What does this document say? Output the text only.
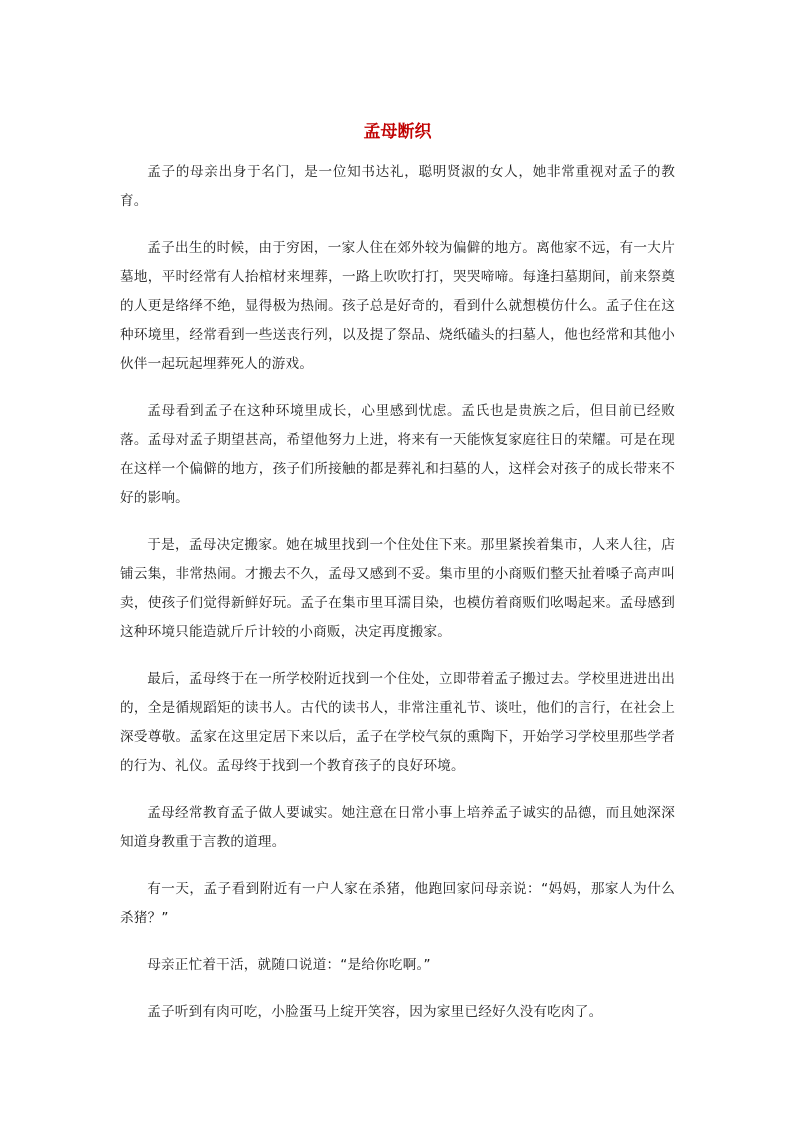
孟母断织

孟子的母亲出身于名门，是一位知书达礼，聪明贤淑的女人，她非常重视对孟子的教育。

孟子出生的时候，由于穷困，一家人住在郊外较为偏僻的地方。离他家不远，有一大片墓地，平时经常有人抬棺材来埋葬，一路上吹吹打打，哭哭啼啼。每逢扫墓期间，前来祭奠的人更是络绎不绝，显得极为热闹。孩子总是好奇的，看到什么就想模仿什么。孟子住在这种环境里，经常看到一些送丧行列，以及提了祭品、烧纸磕头的扫墓人，他也经常和其他小伙伴一起玩起埋葬死人的游戏。

孟母看到孟子在这种环境里成长，心里感到忧虑。孟氏也是贵族之后，但目前已经败落。孟母对孟子期望甚高，希望他努力上进，将来有一天能恢复家庭往日的荣耀。可是在现在这样一个偏僻的地方，孩子们所接触的都是葬礼和扫墓的人，这样会对孩子的成长带来不好的影响。

于是，孟母决定搬家。她在城里找到一个住处住下来。那里紧挨着集市，人来人往，店铺云集，非常热闹。才搬去不久，孟母又感到不妥。集市里的小商贩们整天扯着嗓子高声叫卖，使孩子们觉得新鲜好玩。孟子在集市里耳濡目染，也模仿着商贩们吆喝起来。孟母感到这种环境只能造就斤斤计较的小商贩，决定再度搬家。

最后，孟母终于在一所学校附近找到一个住处，立即带着孟子搬过去。学校里进进出出的，全是循规蹈矩的读书人。古代的读书人，非常注重礼节、谈吐，他们的言行，在社会上深受尊敬。孟家在这里定居下来以后，孟子在学校气氛的熏陶下，开始学习学校里那些学者的行为、礼仪。孟母终于找到一个教育孩子的良好环境。

孟母经常教育孟子做人要诚实。她注意在日常小事上培养孟子诚实的品德，而且她深深知道身教重于言教的道理。

有一天，孟子看到附近有一户人家在杀猪，他跑回家问母亲说：“妈妈，那家人为什么杀猪？”

母亲正忙着干活，就随口说道：“是给你吃啊。”

孟子听到有肉可吃，小脸蛋马上绽开笑容，因为家里已经好久没有吃肉了。
